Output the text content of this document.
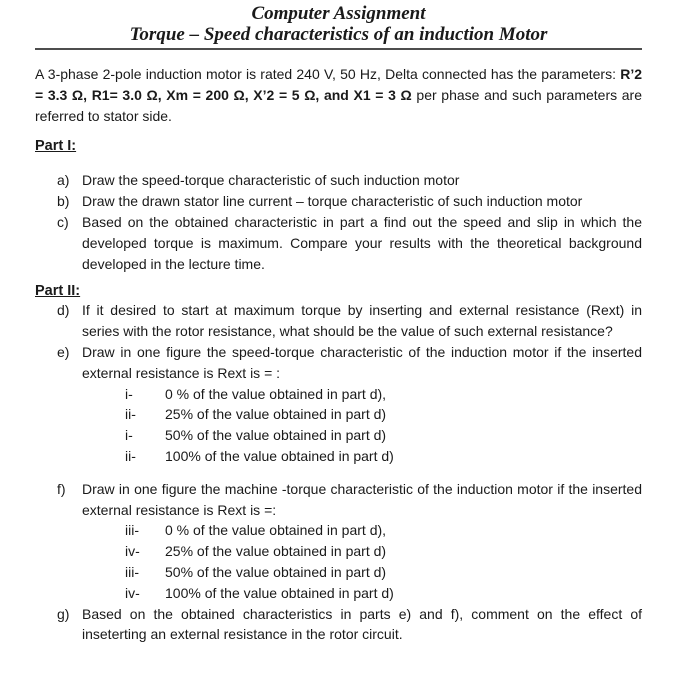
Computer Assignment
Torque – Speed characteristics of an induction Motor

A 3-phase 2-pole induction motor is rated 240 V, 50 Hz, Delta connected has the parameters: R’2 = 3.3 Ω, R1= 3.0 Ω, Xm = 200 Ω, X’2 = 5 Ω, and X1 = 3 Ω per phase and such parameters are referred to stator side.

Part I:
a) Draw the speed-torque characteristic of such induction motor
b) Draw the drawn stator line current – torque characteristic of such induction motor
c) Based on the obtained characteristic in part a find out the speed and slip in which the developed torque is maximum. Compare your results with the theoretical background developed in the lecture time.
Part II:
d) If it desired to start at maximum torque by inserting and external resistance (Rext) in series with the rotor resistance, what should be the value of such external resistance?
e) Draw in one figure the speed-torque characteristic of the induction motor if the inserted external resistance is Rext is = :
i- 0 % of the value obtained in part d),
ii- 25% of the value obtained in part d)
i- 50% of the value obtained in part d)
ii- 100% of the value obtained in part d)
f) Draw in one figure the machine -torque characteristic of the induction motor if the inserted external resistance is Rext is =:
iii- 0 % of the value obtained in part d),
iv- 25% of the value obtained in part d)
iii- 50% of the value obtained in part d)
iv- 100% of the value obtained in part d)
g) Based on the obtained characteristics in parts e) and f), comment on the effect of inseterting an external resistance in the rotor circuit.
